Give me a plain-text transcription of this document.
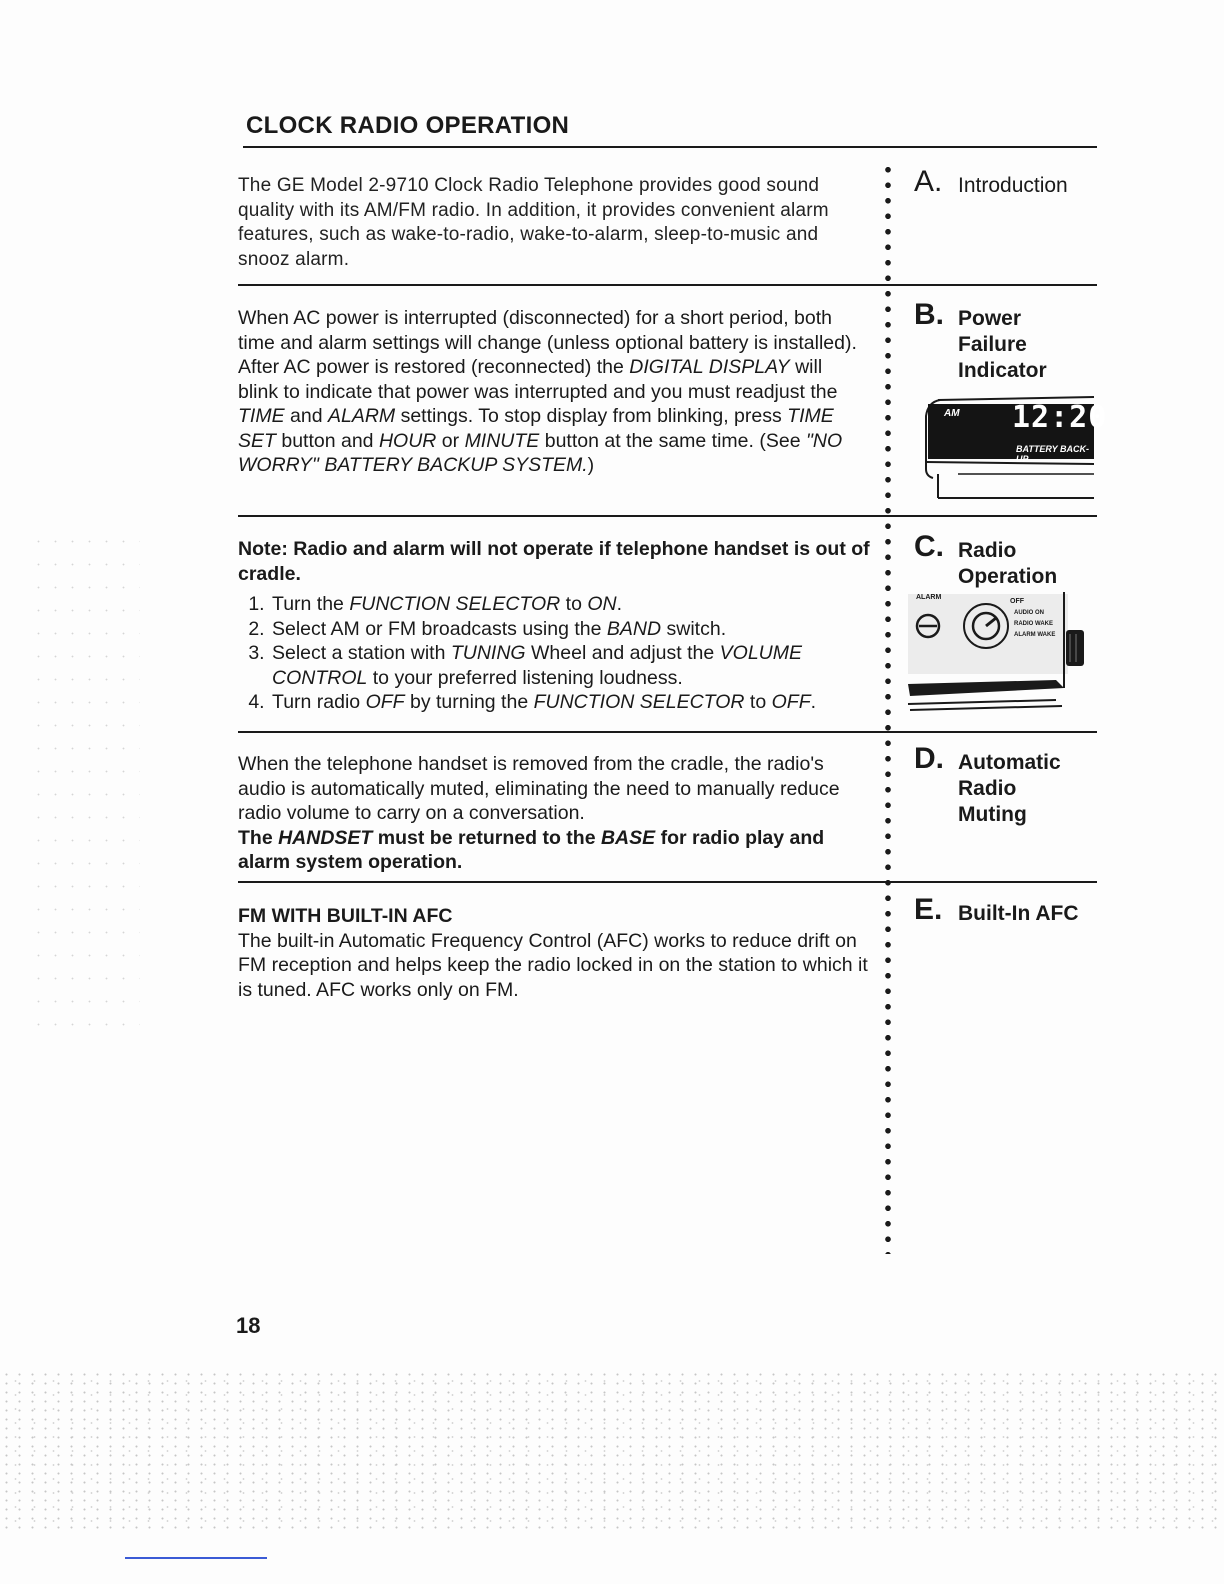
CLOCK RADIO OPERATION
The GE Model 2-9710 Clock Radio Telephone provides good sound quality with its AM/FM radio. In addition, it provides convenient alarm features, such as wake-to-radio, wake-to-alarm, sleep-to-music and snooz alarm.
A. Introduction

When AC power is interrupted (disconnected) for a short period, both time and alarm settings will change (unless optional battery is installed). After AC power is restored (reconnected) the DIGITAL DISPLAY will blink to indicate that power was interrupted and you must readjust the TIME and ALARM settings. To stop display from blinking, press TIME SET button and HOUR or MINUTE button at the same time. (See "NO WORRY" BATTERY BACKUP SYSTEM.)

B. Power
Failure
Indicator
AM 12:20
BATTERY BACK-UP

Note: Radio and alarm will not operate if telephone handset is out of cradle.

1. Turn the FUNCTION SELECTOR to ON.
2. Select AM or FM broadcasts using the BAND switch.
3. Select a station with TUNING Wheel and adjust the VOLUME CONTROL to your preferred listening loudness.
4. Turn radio OFF by turning the FUNCTION SELECTOR to OFF.
C. Radio
Operation
ALARM
OFF
AUDIO ON
RADIO WAKE
ALARM WAKE

When the telephone handset is removed from the cradle, the radio's audio is automatically muted, eliminating the need to manually reduce radio volume to carry on a conversation.

The HANDSET must be returned to the BASE for radio play and alarm system operation.

D. Automatic
Radio
Muting

FM WITH BUILT-IN AFC

The built-in Automatic Frequency Control (AFC) works to reduce drift on FM reception and helps keep the radio locked in on the station to which it is tuned. AFC works only on FM.

E. Built-In AFC
18
